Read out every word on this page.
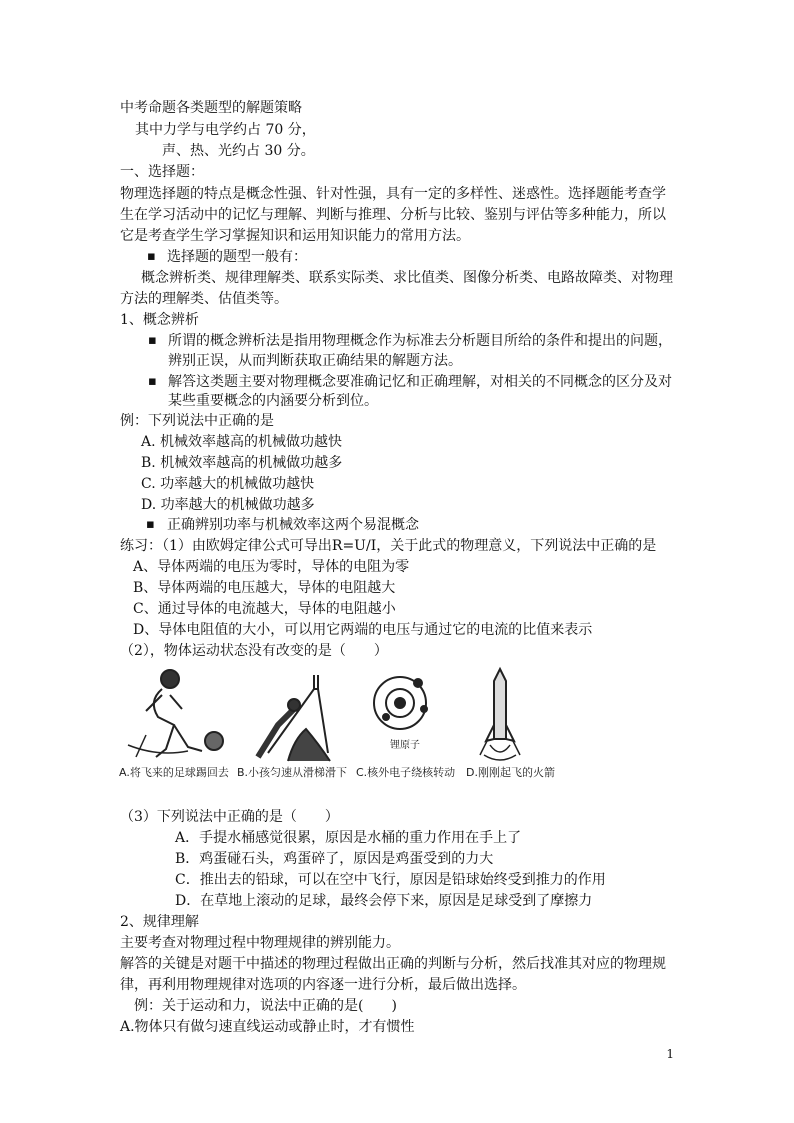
中考命题各类题型的解题策略
其中力学与电学约占 70 分，
声、热、光约占 30 分。
一、选择题：
物理选择题的特点是概念性强、针对性强，具有一定的多样性、迷惑性。选择题能考查学
生在学习活动中的记忆与理解、判断与推理、分析与比较、鉴别与评估等多种能力，所以
它是考查学生学习掌握知识和运用知识能力的常用方法。
▪ 选择题的题型一般有：
概念辨析类、规律理解类、联系实际类、求比值类、图像分析类、电路故障类、对物理
方法的理解类、估值类等。
1、概念辨析
▪ 所谓的概念辨析法是指用物理概念作为标准去分析题目所给的条件和提出的问题，
辨别正误，从而判断获取正确结果的解题方法。
▪ 解答这类题主要对物理概念要准确记忆和正确理解，对相关的不同概念的区分及对
某些重要概念的内涵要分析到位。
例：下列说法中正确的是
A. 机械效率越高的机械做功越快
B. 机械效率越高的机械做功越多
C. 功率越大的机械做功越快
D. 功率越大的机械做功越多
▪ 正确辨别功率与机械效率这两个易混概念
练习：（1）由欧姆定律公式可导出R=U/I，关于此式的物理意义，下列说法中正确的是
A、导体两端的电压为零时，导体的电阻为零
B、导体两端的电压越大，导体的电阻越大
C、通过导体的电流越大，导体的电阻越小
D、导体电阻值的大小，可以用它两端的电压与通过它的电流的比值来表示
（2），物体运动状态没有改变的是（　　）
锂原子
A.将飞来的足球踢回去 B.小孩匀速从滑梯滑下 C.核外电子绕核转动 D.刚刚起飞的火箭
（3）下列说法中正确的是（　　）
A．手提水桶感觉很累，原因是水桶的重力作用在手上了
B．鸡蛋碰石头，鸡蛋碎了，原因是鸡蛋受到的力大
C．推出去的铅球，可以在空中飞行，原因是铅球始终受到推力的作用
D．在草地上滚动的足球，最终会停下来，原因是足球受到了摩擦力
2、规律理解
主要考查对物理过程中物理规律的辨别能力。
解答的关键是对题干中描述的物理过程做出正确的判断与分析，然后找准其对应的物理规
律，再利用物理规律对选项的内容逐一进行分析，最后做出选择。
例：关于运动和力，说法中正确的是(　　)
A.物体只有做匀速直线运动或静止时，才有惯性
1
